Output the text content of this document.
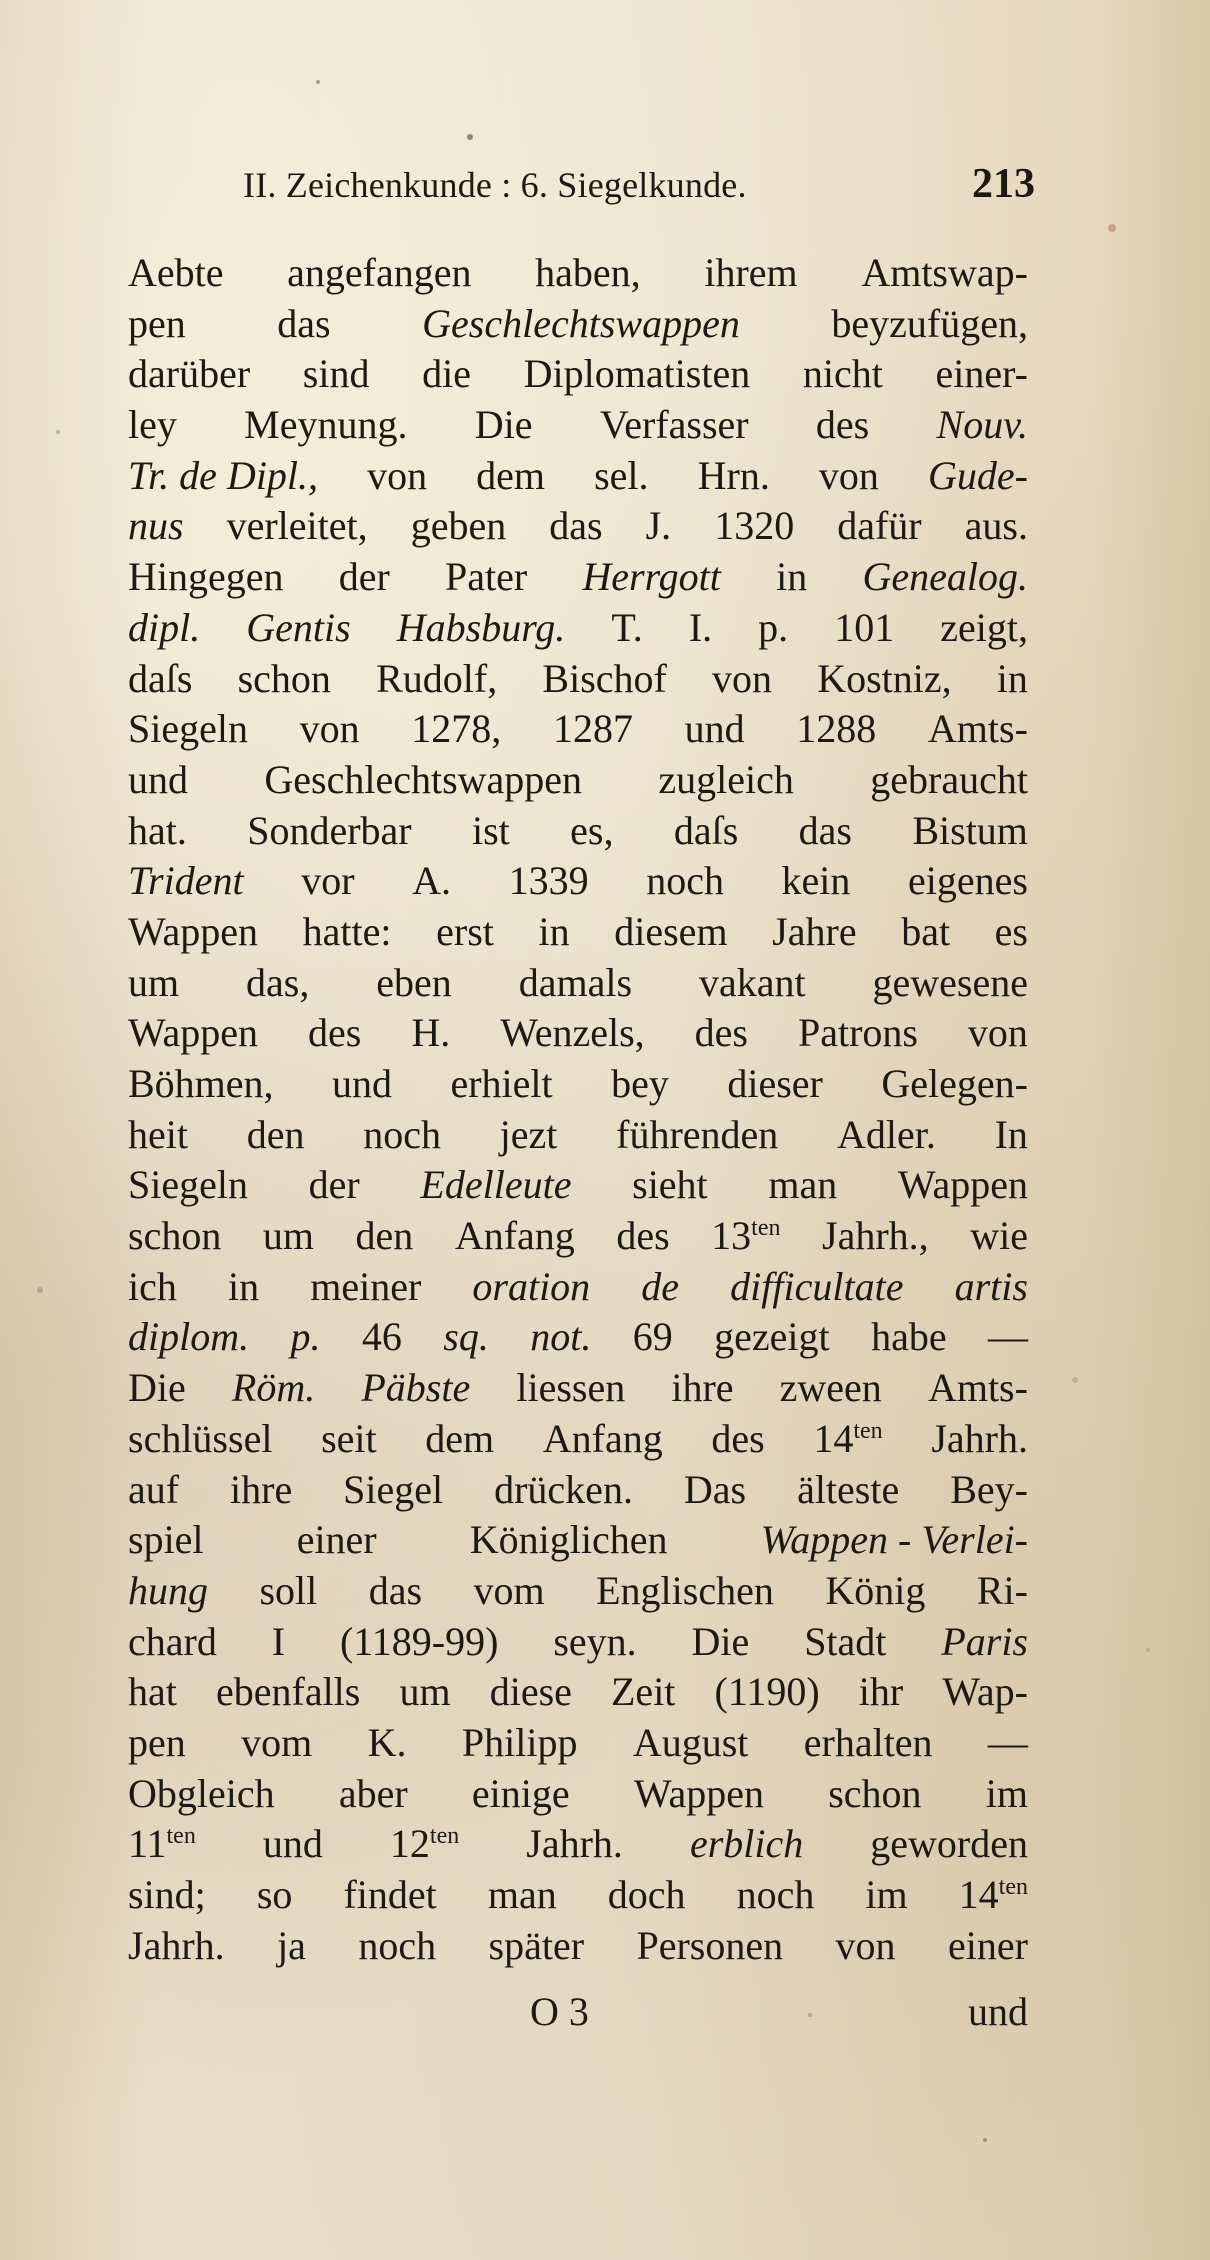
II. Zeichenkunde : 6. Siegelkunde.	213
Aebte angefangen haben, ihrem Amtswap-
pen das Geschlechtswappen beyzufügen,
darüber sind die Diplomatisten nicht einer-
ley Meynung. Die Verfasser des Nouv.
Tr. de Dipl., von dem sel. Hrn. von Gude-
nus verleitet, geben das J. 1320 dafür aus.
Hingegen der Pater Herrgott in Genealog.
dipl. Gentis Habsburg. T. I. p. 101 zeigt,
daſs schon Rudolf, Bischof von Kostniz, in
Siegeln von 1278, 1287 und 1288 Amts-
und Geschlechtswappen zugleich gebraucht
hat. Sonderbar ist es, daſs das Bistum
Trident vor A. 1339 noch kein eigenes
Wappen hatte: erst in diesem Jahre bat es
um das, eben damals vakant gewesene
Wappen des H. Wenzels, des Patrons von
Böhmen, und erhielt bey dieser Gelegen-
heit den noch jezt führenden Adler. In
Siegeln der Edelleute sieht man Wappen
schon um den Anfang des $13^{ten}$ Jahrh., wie
ich in meiner oration de difficultate artis
diplom. p. 46 sq. not. 69 gezeigt habe —
Die Röm. Päbste liessen ihre zween Amts-
schlüssel seit dem Anfang des $14^{ten}$ Jahrh.
auf ihre Siegel drücken. Das älteste Bey-
spiel einer Königlichen Wappen - Verlei-
hung soll das vom Englischen König Ri-
chard I (1189-99) seyn. Die Stadt Paris
hat ebenfalls um diese Zeit (1190) ihr Wap-
pen vom K. Philipp August erhalten —
Obgleich aber einige Wappen schon im
$11^{ten}$ und $12^{ten}$ Jahrh. erblich geworden
sind; so findet man doch noch im $14^{ten}$
Jahrh. ja noch später Personen von einer
O 3	und
